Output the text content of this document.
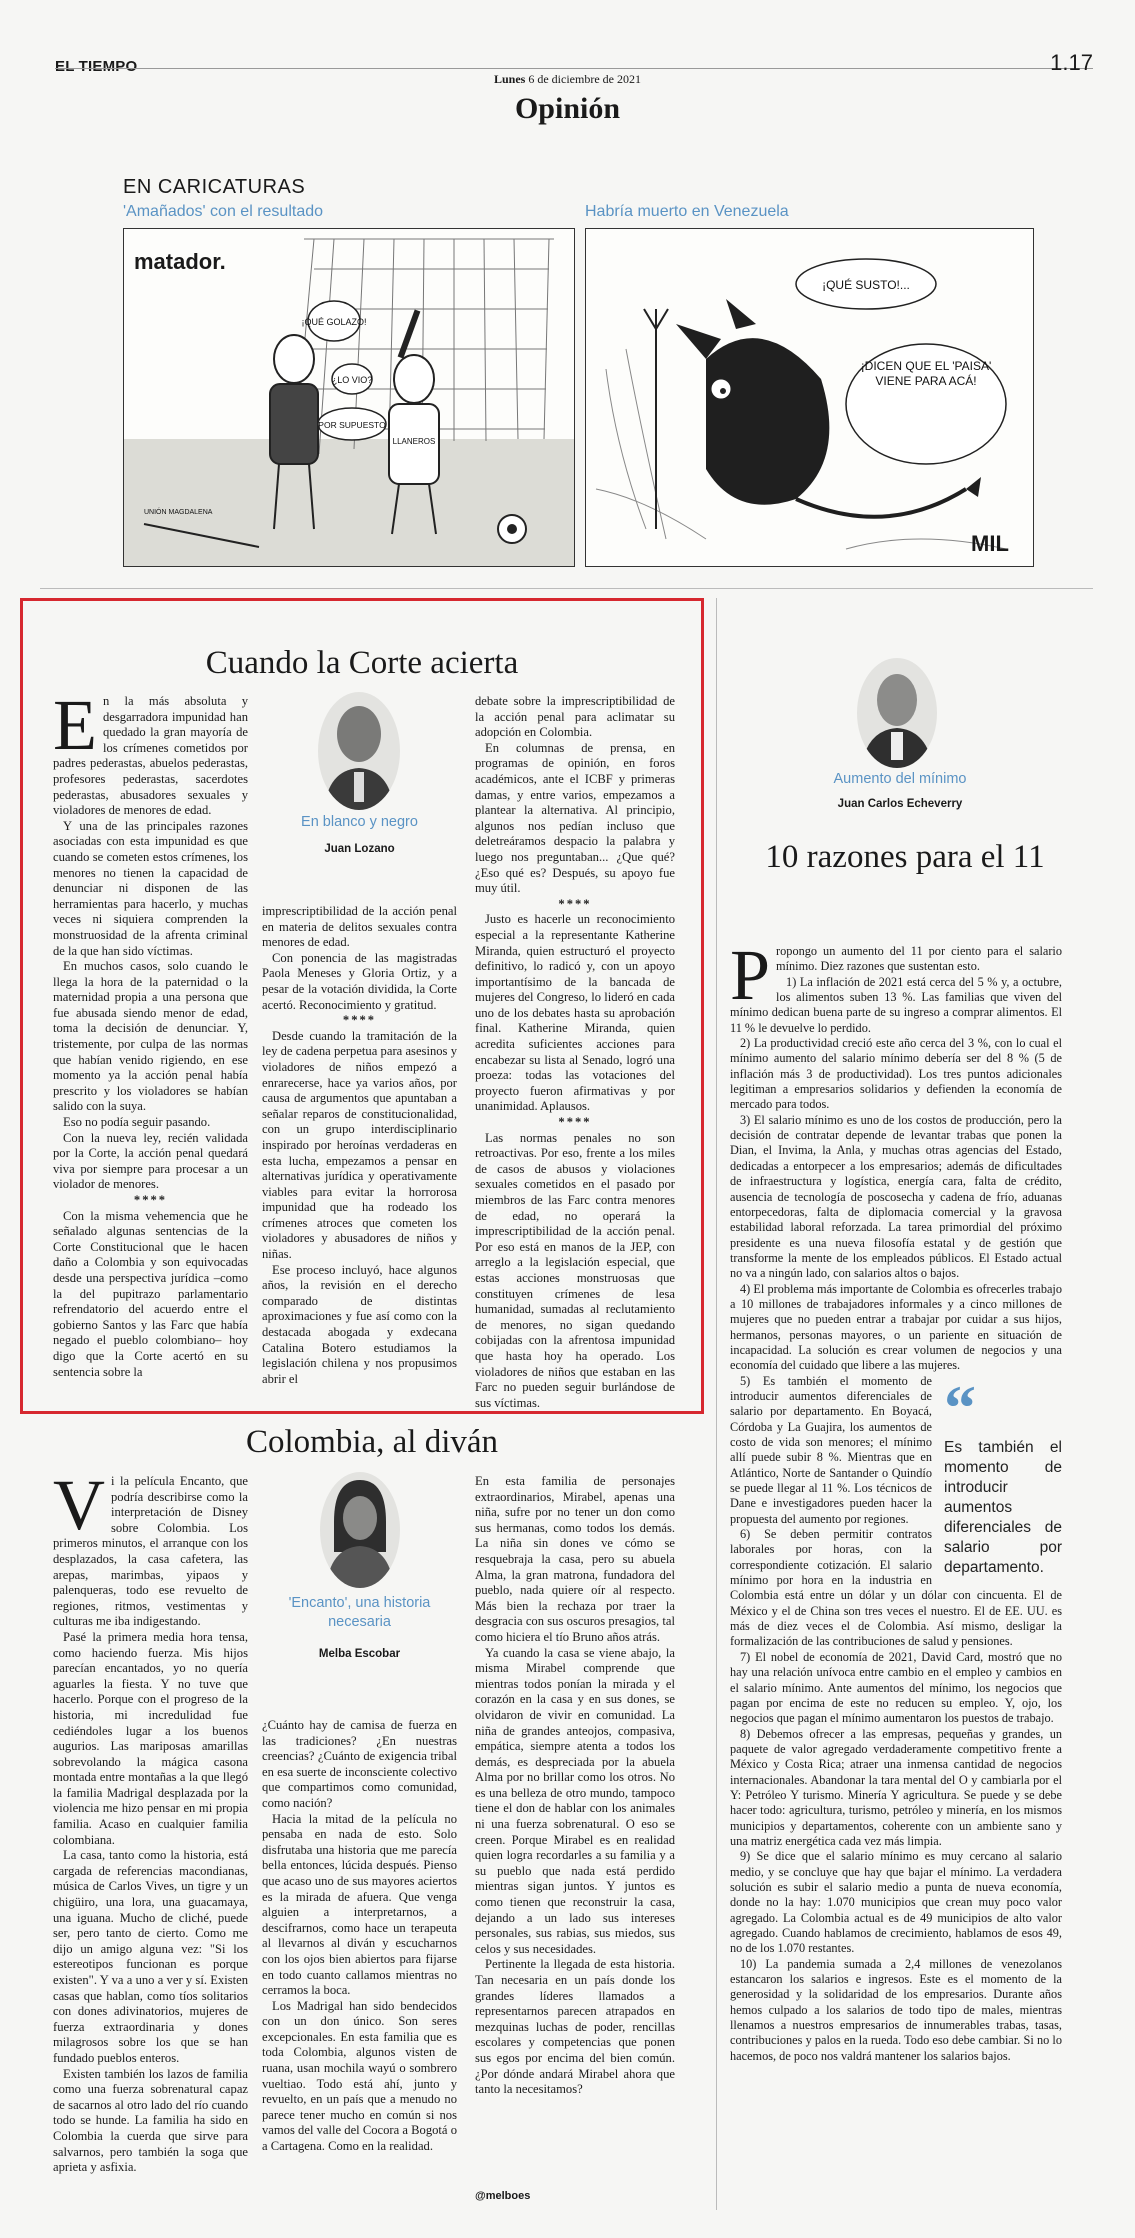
EL TIEMPO
Lunes 6 de diciembre de 2021
1.17
Opinión
EN CARICATURAS
'Amañados' con el resultado	Habría muerto en Venezuela
matador.
¡QUÉ GOLAZO!
¿LO VIO?
POR SUPUESTO
LLANEROS
UNIÓN MAGDALENA
¡QUÉ SUSTO!...
¡DICEN QUE EL 'PAISA' VIENE PARA ACÁ!
MIL
Cuando la Corte acierta
E n la más absoluta y desgarradora impunidad han quedado la gran mayoría de los crímenes cometidos por padres pederastas, abuelos pederastas, profesores pederastas, sacerdotes pederastas, abusadores sexuales y violadores de menores de edad.

Y una de las principales razones asociadas con esta impunidad es que cuando se cometen estos crímenes, los menores no tienen la capacidad de denunciar ni disponen de las herramientas para hacerlo, y muchas veces ni siquiera comprenden la monstruosidad de la afrenta criminal de la que han sido víctimas.

En muchos casos, solo cuando le llega la hora de la paternidad o la maternidad propia a una persona que fue abusada siendo menor de edad, toma la decisión de denunciar. Y, tristemente, por culpa de las normas que habían venido rigiendo, en ese momento ya la acción penal había prescrito y los violadores se habían salido con la suya.

Eso no podía seguir pasando.

Con la nueva ley, recién validada por la Corte, la acción penal quedará viva por siempre para procesar a un violador de menores.

****

Con la misma vehemencia que he señalado algunas sentencias de la Corte Constitucional que le hacen daño a Colombia y son equivocadas desde una perspectiva jurídica –como la del pupitrazo parlamentario refrendatorio del acuerdo entre el gobierno Santos y las Farc que había negado el pueblo colombiano– hoy digo que la Corte acertó en su sentencia sobre la

En blanco y negro
Juan Lozano

imprescriptibilidad de la acción penal en materia de delitos sexuales contra menores de edad.

Con ponencia de las magistradas Paola Meneses y Gloria Ortiz, y a pesar de la votación dividida, la Corte acertó. Reconocimiento y gratitud.

****

Desde cuando la tramitación de la ley de cadena perpetua para asesinos y violadores de niños empezó a enrarecerse, hace ya varios años, por causa de argumentos que apuntaban a señalar reparos de constitucionalidad, con un grupo interdisciplinario inspirado por heroínas verdaderas en esta lucha, empezamos a pensar en alternativas jurídica y operativamente viables para evitar la horrorosa impunidad que ha rodeado los crímenes atroces que cometen los violadores y abusadores de niños y niñas.

Ese proceso incluyó, hace algunos años, la revisión en el derecho comparado de distintas aproximaciones y fue así como con la destacada abogada y exdecana Catalina Botero estudiamos la legislación chilena y nos propusimos abrir el

debate sobre la imprescriptibilidad de la acción penal para aclimatar su adopción en Colombia.

En columnas de prensa, en programas de opinión, en foros académicos, ante el ICBF y primeras damas, y entre varios, empezamos a plantear la alternativa. Al principio, algunos nos pedían incluso que deletreáramos despacio la palabra y luego nos preguntaban... ¿Que qué? ¿Eso qué es? Después, su apoyo fue muy útil.

****

Justo es hacerle un reconocimiento especial a la representante Katherine Miranda, quien estructuró el proyecto definitivo, lo radicó y, con un apoyo importantísimo de la bancada de mujeres del Congreso, lo lideró en cada uno de los debates hasta su aprobación final. Katherine Miranda, quien acredita suficientes acciones para encabezar su lista al Senado, logró una proeza: todas las votaciones del proyecto fueron afirmativas y por unanimidad. Aplausos.

****

Las normas penales no son retroactivas. Por eso, frente a los miles de casos de abusos y violaciones sexuales cometidos en el pasado por miembros de las Farc contra menores de edad, no operará la imprescriptibilidad de la acción penal. Por eso está en manos de la JEP, con arreglo a la legislación especial, que estas acciones monstruosas que constituyen crímenes de lesa humanidad, sumadas al reclutamiento de menores, no sigan quedando cobijadas con la afrentosa impunidad que hasta hoy ha operado. Los violadores de niños que estaban en las Farc no pueden seguir burlándose de sus víctimas.

Colombia, al diván
V i la película Encanto, que podría describirse como la interpretación de Disney sobre Colombia. Los primeros minutos, el arranque con los desplazados, la casa cafetera, las arepas, marimbas, yipaos y palenqueras, todo ese revuelto de regiones, ritmos, vestimentas y culturas me iba indigestando.

Pasé la primera media hora tensa, como haciendo fuerza. Mis hijos parecían encantados, yo no quería aguarles la fiesta. Y no tuve que hacerlo. Porque con el progreso de la historia, mi incredulidad fue cediéndoles lugar a los buenos augurios. Las mariposas amarillas sobrevolando la mágica casona montada entre montañas a la que llegó la familia Madrigal desplazada por la violencia me hizo pensar en mi propia familia. Acaso en cualquier familia colombiana.

La casa, tanto como la historia, está cargada de referencias macondianas, música de Carlos Vives, un tigre y un chigüiro, una lora, una guacamaya, una iguana. Mucho de cliché, puede ser, pero tanto de cierto. Como me dijo un amigo alguna vez: "Si los estereotipos funcionan es porque existen". Y va a uno a ver y sí. Existen casas que hablan, como tíos solitarios con dones adivinatorios, mujeres de fuerza extraordinaria y dones milagrosos sobre los que se han fundado pueblos enteros.

Existen también los lazos de familia como una fuerza sobrenatural capaz de sacarnos al otro lado del río cuando todo se hunde. La familia ha sido en Colombia la cuerda que sirve para salvarnos, pero también la soga que aprieta y asfixia.

'Encanto', una historia necesaria
Melba Escobar

¿Cuánto hay de camisa de fuerza en las tradiciones? ¿En nuestras creencias? ¿Cuánto de exigencia tribal en esa suerte de inconsciente colectivo que compartimos como comunidad, como nación?

Hacia la mitad de la película no pensaba en nada de esto. Solo disfrutaba una historia que me parecía bella entonces, lúcida después. Pienso que acaso uno de sus mayores aciertos es la mirada de afuera. Que venga alguien a interpretarnos, a descifrarnos, como hace un terapeuta al llevarnos al diván y escucharnos con los ojos bien abiertos para fijarse en todo cuanto callamos mientras no cerramos la boca.

Los Madrigal han sido bendecidos con un don único. Son seres excepcionales. En esta familia que es toda Colombia, algunos visten de ruana, usan mochila wayú o sombrero vueltiao. Todo está ahí, junto y revuelto, en un país que a menudo no parece tener mucho en común si nos vamos del valle del Cocora a Bogotá o a Cartagena. Como en la realidad.

En esta familia de personajes extraordinarios, Mirabel, apenas una niña, sufre por no tener un don como sus hermanas, como todos los demás. La niña sin dones ve cómo se resquebraja la casa, pero su abuela Alma, la gran matrona, fundadora del pueblo, nada quiere oír al respecto. Más bien la rechaza por traer la desgracia con sus oscuros presagios, tal como hiciera el tío Bruno años atrás.

Ya cuando la casa se viene abajo, la misma Mirabel comprende que mientras todos ponían la mirada y el corazón en la casa y en sus dones, se olvidaron de vivir en comunidad. La niña de grandes anteojos, compasiva, empática, siempre atenta a todos los demás, es despreciada por la abuela Alma por no brillar como los otros. No es una belleza de otro mundo, tampoco tiene el don de hablar con los animales ni una fuerza sobrenatural. O eso se creen. Porque Mirabel es en realidad quien logra recordarles a su familia y a su pueblo que nada está perdido mientras sigan juntos. Y juntos es como tienen que reconstruir la casa, dejando a un lado sus intereses personales, sus rabias, sus miedos, sus celos y sus necesidades.

Pertinente la llegada de esta historia. Tan necesaria en un país donde los grandes líderes llamados a representarnos parecen atrapados en mezquinas luchas de poder, rencillas escolares y competencias que ponen sus egos por encima del bien común. ¿Por dónde andará Mirabel ahora que tanto la necesitamos?

@melboes
Aumento del mínimo
Juan Carlos Echeverry
10 razones para el 11
P ropongo un aumento del 11 por ciento para el salario mínimo. Diez razones que sustentan esto.

1) La inflación de 2021 está cerca del 5 % y, a octubre, los alimentos suben 13 %. Las familias que viven del mínimo dedican buena parte de su ingreso a comprar alimentos. El 11 % le devuelve lo perdido.

2) La productividad creció este año cerca del 3 %, con lo cual el mínimo aumento del salario mínimo debería ser del 8 % (5 de inflación más 3 de productividad). Los tres puntos adicionales legitiman a empresarios solidarios y defienden la economía de mercado para todos.

3) El salario mínimo es uno de los costos de producción, pero la decisión de contratar depende de levantar trabas que ponen la Dian, el Invima, la Anla, y muchas otras agencias del Estado, dedicadas a entorpecer a los empresarios; además de dificultades de infraestructura y logística, energía cara, falta de crédito, ausencia de tecnología de poscosecha y cadena de frío, aduanas entorpecedoras, falta de diplomacia comercial y la gravosa estabilidad laboral reforzada. La tarea primordial del próximo presidente es una nueva filosofía estatal y de gestión que transforme la mente de los empleados públicos. El Estado actual no va a ningún lado, con salarios altos o bajos.

4) El problema más importante de Colombia es ofrecerles trabajo a 10 millones de trabajadores informales y a cinco millones de mujeres que no pueden entrar a trabajar por cuidar a sus hijos, hermanos, personas mayores, o un pariente en situación de incapacidad. La solución es crear volumen de negocios y una economía del cuidado que libere a las mujeres.

“
Es también el momento de introducir aumentos diferenciales de salario por departamento.

5) Es también el momento de introducir aumentos diferenciales de salario por departamento. En Boyacá, Córdoba y La Guajira, los aumentos de costo de vida son menores; el mínimo allí puede subir 8 %. Mientras que en Atlántico, Norte de Santander o Quindío se puede llegar al 11 %. Los técnicos de Dane e investigadores pueden hacer la propuesta del aumento por regiones.

6) Se deben permitir contratos laborales por horas, con la correspondiente cotización. El salario mínimo por hora en la industria en Colombia está entre un dólar y un dólar con cincuenta. El de México y el de China son tres veces el nuestro. El de EE. UU. es más de diez veces el de Colombia. Así mismo, desligar la formalización de las contribuciones de salud y pensiones.

7) El nobel de economía de 2021, David Card, mostró que no hay una relación unívoca entre cambio en el empleo y cambios en el salario mínimo. Ante aumentos del mínimo, los negocios que pagan por encima de este no reducen su empleo. Y, ojo, los negocios que pagan el mínimo aumentaron los puestos de trabajo.

8) Debemos ofrecer a las empresas, pequeñas y grandes, un paquete de valor agregado verdaderamente competitivo frente a México y Costa Rica; atraer una inmensa cantidad de negocios internacionales. Abandonar la tara mental del O y cambiarla por el Y: Petróleo Y turismo. Minería Y agricultura. Se puede y se debe hacer todo: agricultura, turismo, petróleo y minería, en los mismos municipios y departamentos, coherente con un ambiente sano y una matriz energética cada vez más limpia.

9) Se dice que el salario mínimo es muy cercano al salario medio, y se concluye que hay que bajar el mínimo. La verdadera solución es subir el salario medio a punta de nueva economía, donde no la hay: 1.070 municipios que crean muy poco valor agregado. La Colombia actual es de 49 municipios de alto valor agregado. Cuando hablamos de crecimiento, hablamos de esos 49, no de los 1.070 restantes.

10) La pandemia sumada a 2,4 millones de venezolanos estancaron los salarios e ingresos. Este es el momento de la generosidad y la solidaridad de los empresarios. Durante años hemos culpado a los salarios de todo tipo de males, mientras llenamos a nuestros empresarios de innumerables trabas, tasas, contribuciones y palos en la rueda. Todo eso debe cambiar. Si no lo hacemos, de poco nos valdrá mantener los salarios bajos.
